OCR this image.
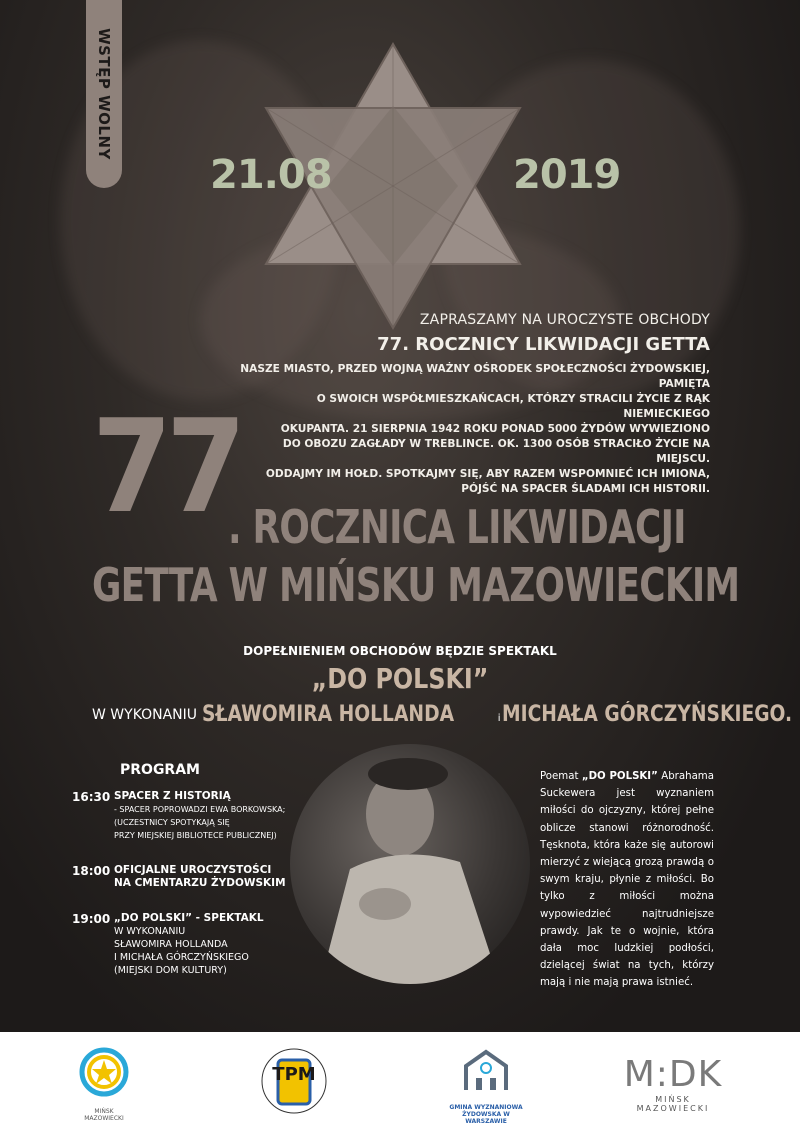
WSTĘP WOLNY
21.08	2019
ZAPRASZAMY NA UROCZYSTE OBCHODY
77. ROCZNICY LIKWIDACJI GETTA
NASZE MIASTO, PRZED WOJNĄ WAŻNY OŚRODEK SPOŁECZNOŚCI ŻYDOWSKIEJ, PAMIĘTA
O SWOICH WSPÓŁMIESZKAŃCACH, KTÓRZY STRACILI ŻYCIE Z RĄK NIEMIECKIEGO
OKUPANTA. 21 SIERPNIA 1942 ROKU PONAD 5000 ŻYDÓW WYWIEZIONO
DO OBOZU ZAGŁADY W TREBLINCE. OK. 1300 OSÓB STRACIŁO ŻYCIE NA MIEJSCU.
ODDAJMY IM HOŁD. SPOTKAJMY SIĘ, ABY RAZEM WSPOMNIEĆ ICH IMIONA,
PÓJŚĆ NA SPACER ŚLADAMI ICH HISTORII.
77
. ROCZNICA LIKWIDACJI
GETTA W MIŃSKU MAZOWIECKIM
DOPEŁNIENIEM OBCHODÓW BĘDZIE SPEKTAKL
„DO POLSKI”
W WYKONANIU SŁAWOMIRA HOLLANDA	i MICHAŁA GÓRCZYŃSKIEGO.
PROGRAM
16:30 SPACER Z HISTORIĄ
- SPACER POPROWADZI EWA BORKOWSKA;
(UCZESTNICY SPOTYKAJĄ SIĘ
PRZY MIEJSKIEJ BIBLIOTECE PUBLICZNEJ)
18:00 OFICJALNE UROCZYSTOŚCI
NA CMENTARZU ŻYDOWSKIM
19:00 „DO POLSKI” - SPEKTAKL
W WYKONANIU
SŁAWOMIRA HOLLANDA
I MICHAŁA GÓRCZYŃSKIEGO
(MIEJSKI DOM KULTURY)
Poemat „DO POLSKI” Abrahama Suckewera jest wyznaniem miłości do ojczyzny, której pełne oblicze stanowi różnorodność. Tęsknota, która każe się autorowi mierzyć z wiejącą grozą prawdą o swym kraju, płynie z miłości. Bo tylko z miłości można wypowiedzieć najtrudniejsze prawdy. Jak te o wojnie, która dała moc ludzkiej podłości, dzielącej świat na tych, którzy mają i nie mają prawa istnieć.
MIŃSK MAZOWIECKI
TPM
GMINA WYZNANIOWA ŻYDOWSKA W WARSZAWIE
M:DK
MIŃSK MAZOWIECKI
